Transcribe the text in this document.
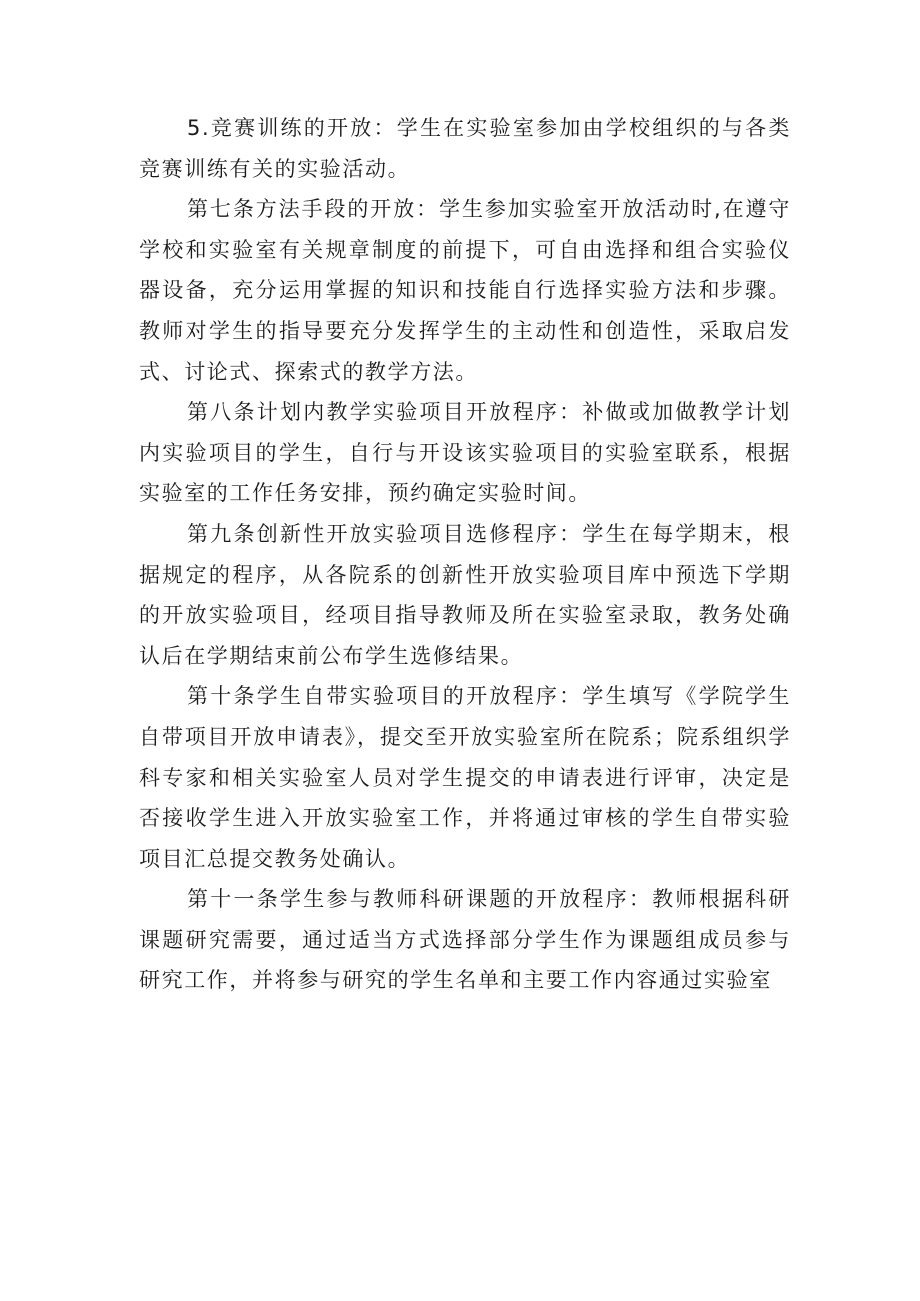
5.竞赛训练的开放：学生在实验室参加由学校组织的与各类竞赛训练有关的实验活动。

第七条方法手段的开放：学生参加实验室开放活动时,在遵守学校和实验室有关规章制度的前提下，可自由选择和组合实验仪器设备，充分运用掌握的知识和技能自行选择实验方法和步骤。教师对学生的指导要充分发挥学生的主动性和创造性，采取启发式、讨论式、探索式的教学方法。

第八条计划内教学实验项目开放程序：补做或加做教学计划内实验项目的学生，自行与开设该实验项目的实验室联系，根据实验室的工作任务安排，预约确定实验时间。

第九条创新性开放实验项目选修程序：学生在每学期末，根据规定的程序，从各院系的创新性开放实验项目库中预选下学期的开放实验项目，经项目指导教师及所在实验室录取，教务处确认后在学期结束前公布学生选修结果。

第十条学生自带实验项目的开放程序：学生填写《学院学生自带项目开放申请表》，提交至开放实验室所在院系；院系组织学科专家和相关实验室人员对学生提交的申请表进行评审，决定是否接收学生进入开放实验室工作，并将通过审核的学生自带实验项目汇总提交教务处确认。

第十一条学生参与教师科研课题的开放程序：教师根据科研课题研究需要，通过适当方式选择部分学生作为课题组成员参与研究工作，并将参与研究的学生名单和主要工作内容通过实验室
